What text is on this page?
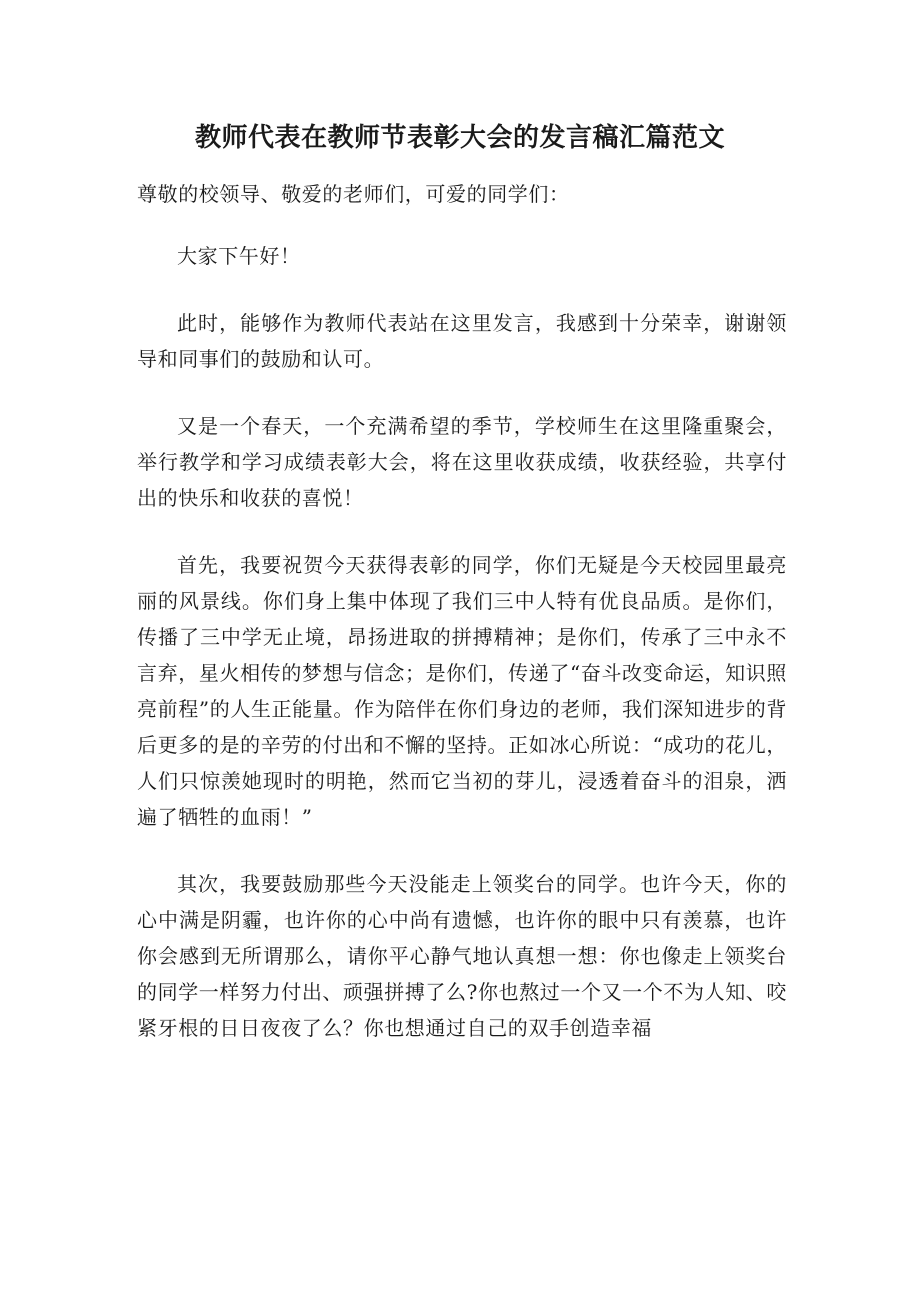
教师代表在教师节表彰大会的发言稿汇篇范文

尊敬的校领导、敬爱的老师们，可爱的同学们：

大家下午好！

此时，能够作为教师代表站在这里发言，我感到十分荣幸，谢谢领导和同事们的鼓励和认可。

又是一个春天，一个充满希望的季节，学校师生在这里隆重聚会，举行教学和学习成绩表彰大会，将在这里收获成绩，收获经验，共享付出的快乐和收获的喜悦！

首先，我要祝贺今天获得表彰的同学，你们无疑是今天校园里最亮丽的风景线。你们身上集中体现了我们三中人特有优良品质。是你们，传播了三中学无止境，昂扬进取的拼搏精神；是你们，传承了三中永不言弃，星火相传的梦想与信念；是你们，传递了“奋斗改变命运，知识照亮前程”的人生正能量。作为陪伴在你们身边的老师，我们深知进步的背后更多的是的辛劳的付出和不懈的坚持。正如冰心所说：“成功的花儿，人们只惊羡她现时的明艳，然而它当初的芽儿，浸透着奋斗的泪泉，洒遍了牺牲的血雨！”

其次，我要鼓励那些今天没能走上领奖台的同学。也许今天，你的心中满是阴霾，也许你的心中尚有遗憾，也许你的眼中只有羡慕，也许你会感到无所谓那么，请你平心静气地认真想一想：你也像走上领奖台的同学一样努力付出、顽强拼搏了么?你也熬过一个又一个不为人知、咬紧牙根的日日夜夜了么？你也想通过自己的双手创造幸福
